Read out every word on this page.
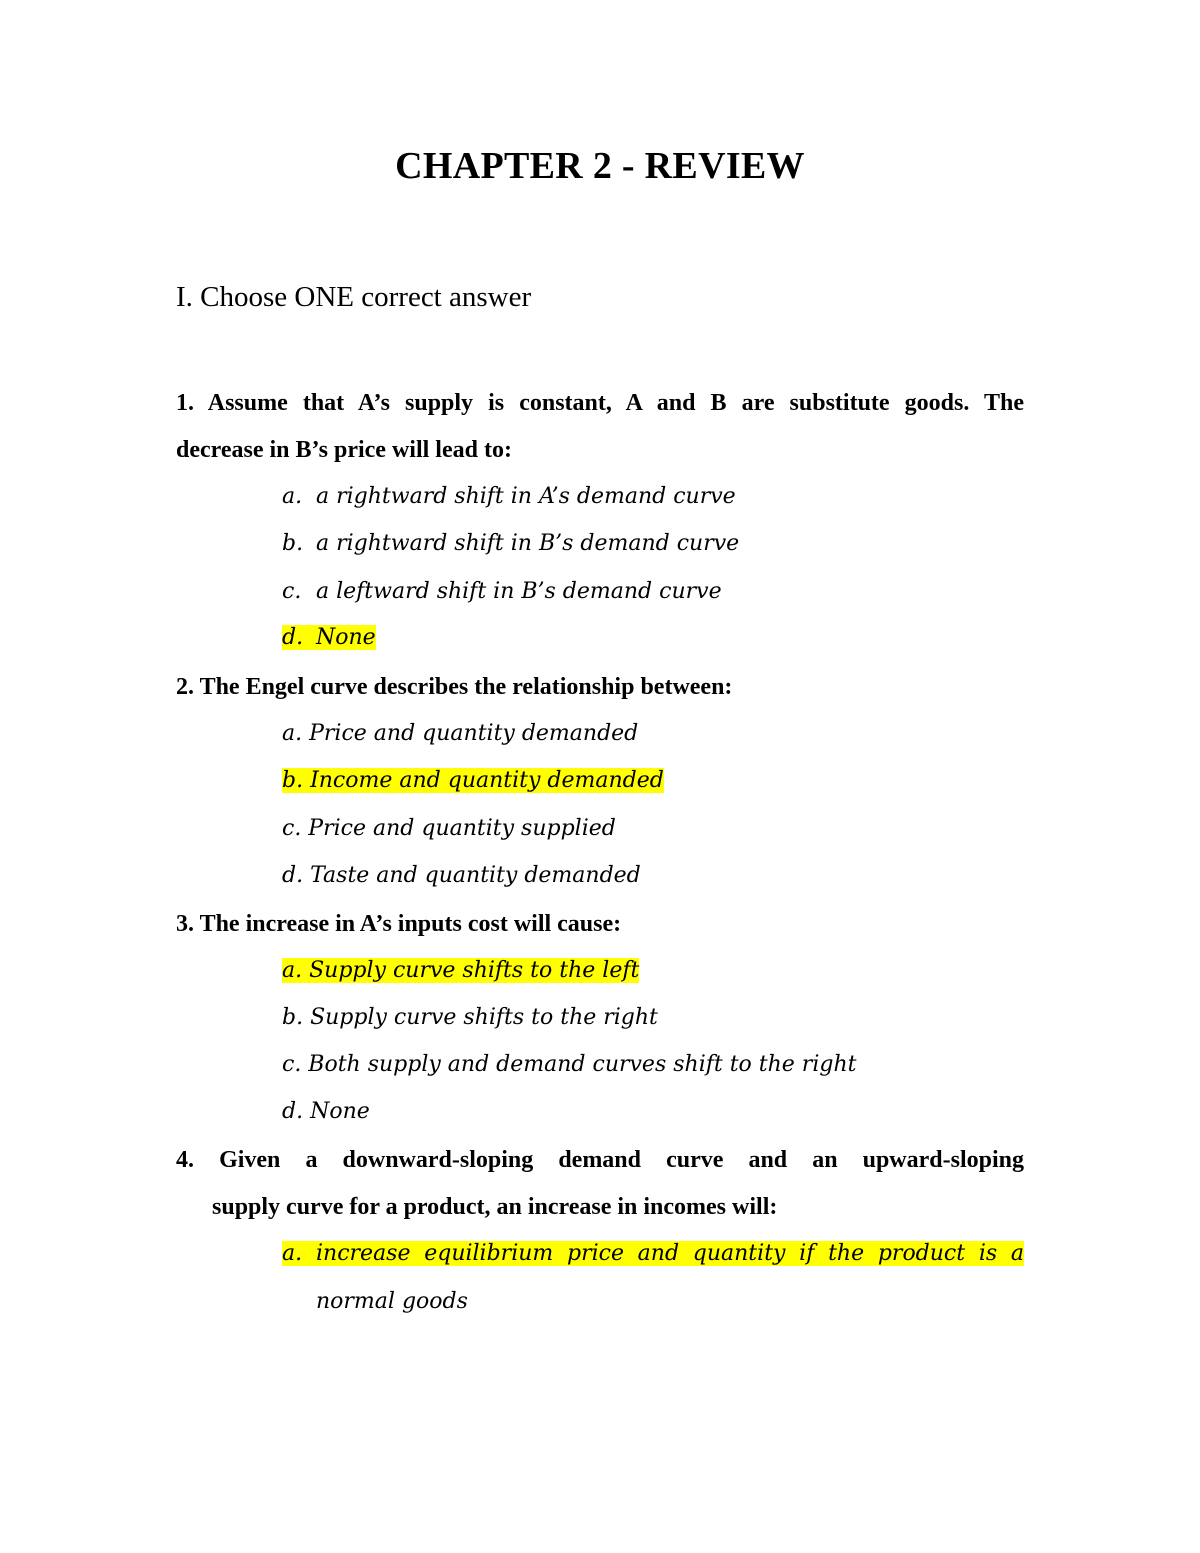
CHAPTER 2 - REVIEW
I. Choose ONE correct answer
1. Assume that A’s supply is constant, A and B are substitute goods. The
decrease in B’s price will lead to:
a. a rightward shift in A’s demand curve
b. a rightward shift in B’s demand curve
c. a leftward shift in B’s demand curve
d. None
2. The Engel curve describes the relationship between:
a. Price and quantity demanded
b. Income and quantity demanded
c. Price and quantity supplied
d. Taste and quantity demanded
3. The increase in A’s inputs cost will cause:
a. Supply curve shifts to the left
b. Supply curve shifts to the right
c. Both supply and demand curves shift to the right
d. None
4. Given a downward-sloping demand curve and an upward-sloping
supply curve for a product, an increase in incomes will:
a. increase equilibrium price and quantity if the product is a
normal goods
